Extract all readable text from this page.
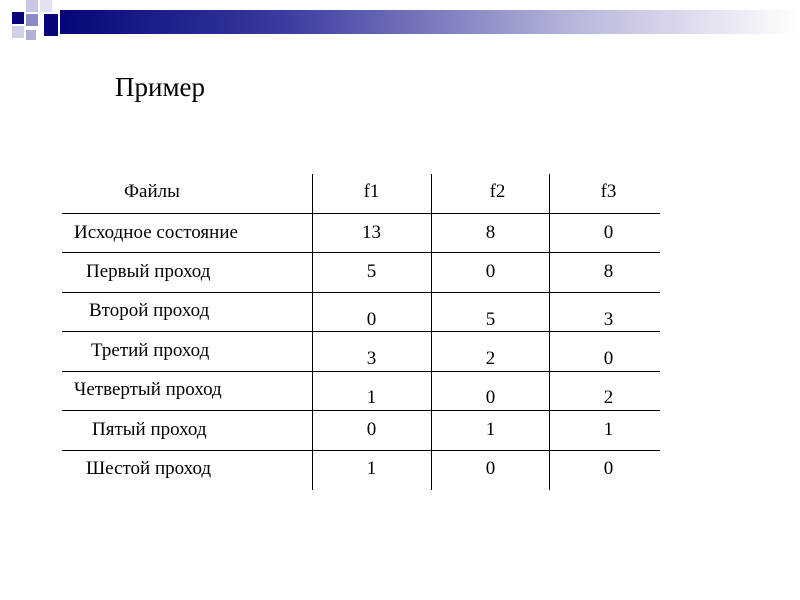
Пример
Файлы	f1	f2	f3
Исходное состояние	13	8	0
Первый проход	5	0	8
Второй проход	0	5	3
Третий проход	3	2	0
Четвертый проход	1	0	2
Пятый проход	0	1	1
Шестой проход	1	0	0
